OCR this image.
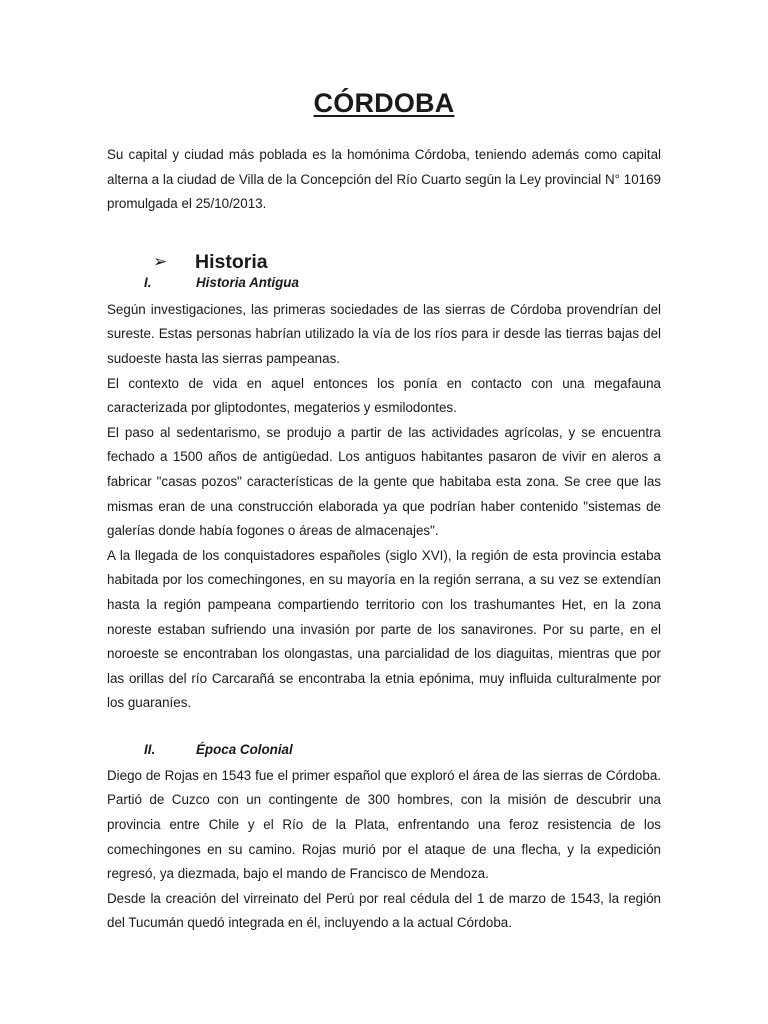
CÓRDOBA

Su capital y ciudad más poblada es la homónima Córdoba, teniendo además como capital alterna a la ciudad de Villa de la Concepción del Río Cuarto según la Ley provincial N° 10169 promulgada el 25/10/2013.

➢ Historia
I.	Historia Antigua

Según investigaciones, las primeras sociedades de las sierras de Córdoba provendrían del sureste. Estas personas habrían utilizado la vía de los ríos para ir desde las tierras bajas del sudoeste hasta las sierras pampeanas.

El contexto de vida en aquel entonces los ponía en contacto con una megafauna caracterizada por gliptodontes, megaterios y esmilodontes.

El paso al sedentarismo, se produjo a partir de las actividades agrícolas, y se encuentra fechado a 1500 años de antigüedad. Los antiguos habitantes pasaron de vivir en aleros a fabricar "casas pozos" características de la gente que habitaba esta zona. Se cree que las mismas eran de una construcción elaborada ya que podrían haber contenido "sistemas de galerías donde había fogones o áreas de almacenajes".

A la llegada de los conquistadores españoles (siglo XVI), la región de esta provincia estaba habitada por los comechingones, en su mayoría en la región serrana, a su vez se extendían hasta la región pampeana compartiendo territorio con los trashumantes Het, en la zona noreste estaban sufriendo una invasión por parte de los sanavirones. Por su parte, en el noroeste se encontraban los olongastas, una parcialidad de los diaguitas, mientras que por las orillas del río Carcarañá se encontraba la etnia epónima, muy influida culturalmente por los guaraníes.

II.	Época Colonial

Diego de Rojas en 1543 fue el primer español que exploró el área de las sierras de Córdoba. Partió de Cuzco con un contingente de 300 hombres, con la misión de descubrir una provincia entre Chile y el Río de la Plata, enfrentando una feroz resistencia de los comechingones en su camino. Rojas murió por el ataque de una flecha, y la expedición regresó, ya diezmada, bajo el mando de Francisco de Mendoza.

Desde la creación del virreinato del Perú por real cédula del 1 de marzo de 1543, la región del Tucumán quedó integrada en él, incluyendo a la actual Córdoba.
